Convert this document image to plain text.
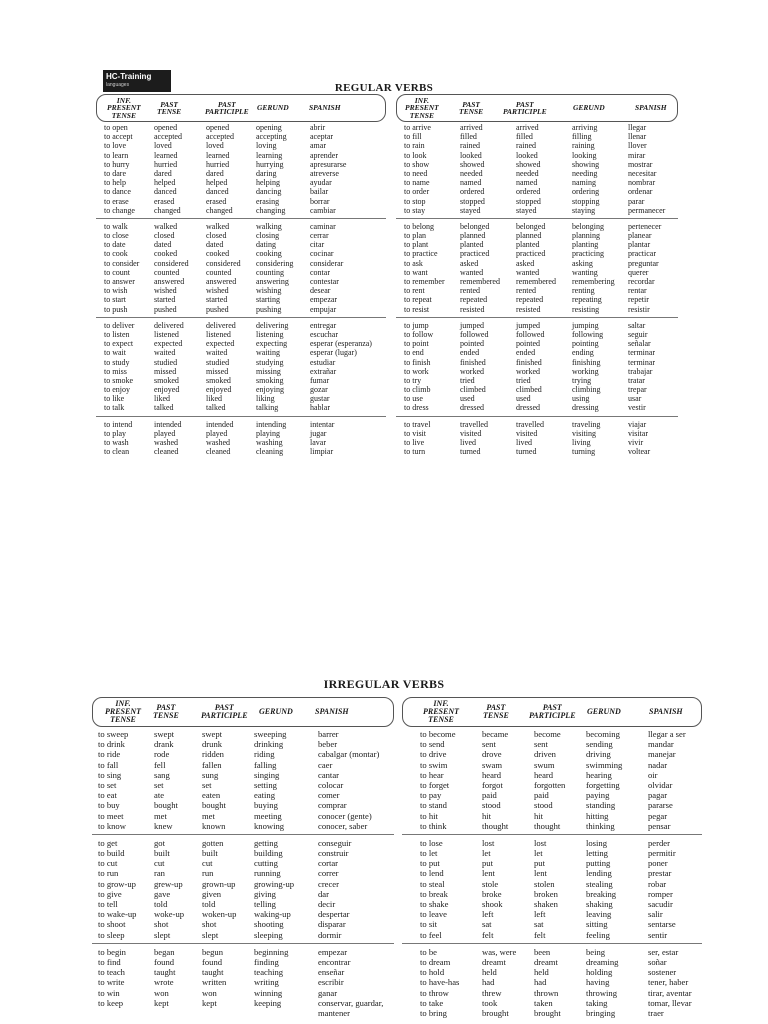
HC-Training
languages	REGULAR VERBS
IRREGULAR VERBS
INF.
PRESENT
TENSE
PAST
TENSE
PAST
PARTICIPLE GERUND	SPANISH
to open	opened	opened	opening	abrir
to accept	accepted	accepted	accepting	aceptar
to love	loved	loved	loving	amar
to learn	learned	learned	learning	aprender
to hurry	hurried	hurried	hurrying	apresurarse
to dare	dared	dared	daring	atreverse
to help	helped	helped	helping	ayudar
to dance	danced	danced	dancing	bailar
to erase	erased	erased	erasing	borrar
to change changed	changed	changing	cambiar
to walk	walked	walked	walking	caminar
to close	closed	closed	closing	cerrar
to date	dated	dated	dating	citar
to cook	cooked	cooked	cooking	cocinar
to consider considered considered considering considerar
to count	counted	counted	counting	contar
to answer answered	answered answering	contestar
to wish	wished	wished	wishing	desear
to start	started	started	starting	empezar
to push	pushed	pushed	pushing	empujar
to deliver delivered	delivered	delivering	entregar
to listen	listened	listened	listening	escuchar
to expect	expected	expected	expecting	esperar (esperanza)
to wait	waited	waited	waiting	esperar (lugar)
to study	studied	studied	studying	estudiar
to miss	missed	missed	missing	extrañar
to smoke	smoked	smoked	smoking	fumar
to enjoy	enjoyed	enjoyed	enjoying	gozar
to like	liked	liked	liking	gustar
to talk	talked	talked	talking	hablar
to intend	intended	intended	intending	intentar
to play	played	played	playing	jugar
to wash	washed	washed	washing	lavar
to clean	cleaned	cleaned	cleaning	limpiar
INF.
PRESENT
TENSE
PAST
TENSE
PAST
PARTICIPLE	GERUND	SPANISH
to arrive	arrived	arrived	arriving	llegar
to fill	filled	filled	filling	llenar
to rain	rained	rained	raining	llover
to look	looked	looked	looking	mirar
to show	showed	showed	showing	mostrar
to need	needed	needed	needing	necesitar
to name	named	named	naming	nombrar
to order	ordered	ordered	ordering	ordenar
to stop	stopped	stopped	stopping	parar
to stay	stayed	stayed	staying	permanecer
to belong	belonged	belonged	belonging	pertenecer
to plan	planned	planned	planning	planear
to plant	planted	planted	planting	plantar
to practice	practiced	practiced	practicing	practicar
to ask	asked	asked	asking	preguntar
to want	wanted	wanted	wanting	querer
to remember remembered remembered remembering recordar
to rent	rented	rented	renting	rentar
to repeat	repeated	repeated	repeating	repetir
to resist	resisted	resisted	resisting	resistir
to jump	jumped	jumped	jumping	saltar
to follow	followed	followed	following	seguir
to point	pointed	pointed	pointing	señalar
to end	ended	ended	ending	terminar
to finish	finished	finished	finishing	terminar
to work	worked	worked	working	trabajar
to try	tried	tried	trying	tratar
to climb	climbed	climbed	climbing	trepar
to use	used	used	using	usar
to dress	dressed	dressed	dressing	vestir
to travel	travelled	travelled	traveling	viajar
to visit	visited	visited	visiting	visitar
to live	lived	lived	living	vivir
to turn	turned	turned	turning	voltear
INF.
PRESENT
TENSE
PAST
TENSE
PAST
PARTICIPLE GERUND	SPANISH
to sweep	swept	swept	sweeping	barrer
to drink	drank	drunk	drinking	beber
to ride	rode	ridden	riding	cabalgar (montar)
to fall	fell	fallen	falling	caer
to sing	sang	sung	singing	cantar
to set	set	set	setting	colocar
to eat	ate	eaten	eating	comer
to buy	bought	bought	buying	comprar
to meet	met	met	meeting	conocer (gente)
to know	knew	known	knowing	conocer, saber
to get	got	gotten	getting	conseguir
to build	built	built	building	construir
to cut	cut	cut	cutting	cortar
to run	ran	run	running	correr
to grow-up grew-up grown-up growing-up	crecer
to give	gave	given	giving	dar
to tell	told	told	telling	decir
to wake-up woke-up woken-up waking-up	despertar
to shoot	shot	shot	shooting	disparar
to sleep	slept	slept	sleeping	dormir
to begin	began	begun	beginning	empezar
to find	found	found	finding	encontrar
to teach	taught	taught	teaching	enseñar
to write	wrote	written	writing	escribir
to win	won	won	winning	ganar
to keep	kept	kept	keeping	conservar, guardar,
mantener
INF.
PRESENT
TENSE
PAST
TENSE
PAST
PARTICIPLE GERUND	SPANISH
to become	became	become	becoming	llegar a ser
to send	sent	sent	sending	mandar
to drive	drove	driven	driving	manejar
to swim	swam	swum	swimming	nadar
to hear	heard	heard	hearing	oir
to forget	forgot	forgotten forgetting	olvidar
to pay	paid	paid	paying	pagar
to stand	stood	stood	standing	pararse
to hit	hit	hit	hitting	pegar
to think	thought	thought	thinking	pensar
to lose	lost	lost	losing	perder
to let	let	let	letting	permitir
to put	put	put	putting	poner
to lend	lent	lent	lending	prestar
to steal	stole	stolen	stealing	robar
to break	broke	broken	breaking	romper
to shake	shook	shaken	shaking	sacudir
to leave	left	left	leaving	salir
to sit	sat	sat	sitting	sentarse
to feel	felt	felt	feeling	sentir
to be	was, were been	being	ser, estar
to dream	dreamt	dreamt	dreaming	soñar
to hold	held	held	holding	sostener
to have-has	had	had	having	tener, haber
to throw	threw	thrown	throwing	tirar, aventar
to take	took	taken	taking	tomar, llevar
to bring	brought	brought	bringing	traer
